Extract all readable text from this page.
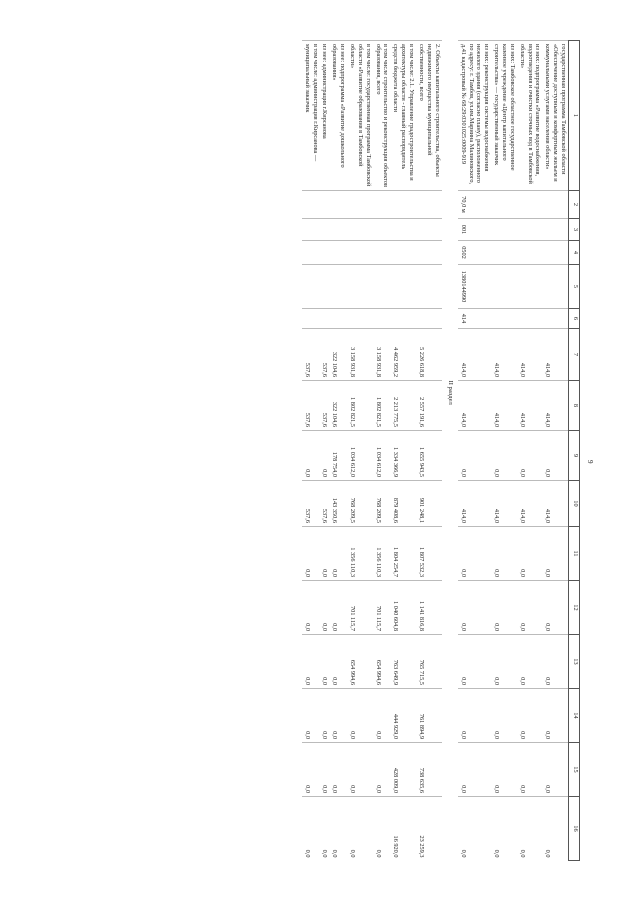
9
1	2	3	4	5	6	7	8	9	10	11	12	13	14	15	16
государственная программа Тамбовской области «Обеспечение доступным и комфортным жильем и коммунальными услугами населения области»						414,0	414,0	0,0	414,0	0,0	0,0	0,0	0,0	0,0	0,0
из них: подпрограмма «Развитие водоснабжения, водоотведения и очистки сточных вод в Тамбовской области»						414,0	414,0	0,0	414,0	0,0	0,0	0,0	0,0	0,0	0,0
из них: Тамбовское областное государственное казенное учреждение «Центр капитального строительства» — государственный заказчик						414,0	414,0	0,0	414,0	0,0	0,0	0,0	0,0	0,0	0,0
из них: реконструкция системы водоснабжения нежилого здания (согласно плану), расположенного по адресу: г. Тамбов, ул.им.Мариина Малиновского, д.41 кадастровый № 68:29:0301025:0009-919	70,0 м	001	0502	1380144990	414	414,0	414,0	0,0	414,0	0,0	0,0	0,0	0,0	0,0	0,0
							II раздел								
2. Объекты капитального строительства, объекты недвижимого имущества муниципальной собственности, всего						5 226 618,8	2 557 191,6	1 655 943,5	901 248,1	1 807 532,3	1 141 816,8	765 715,5	761 894,9	738 635,6	23 259,3
в том числе: 2.1. Управление градостроительства и архитектуры области - главный распорядитель средств бюджета области						4 462 959,2	2 213 775,5	1 334 366,9	879 408,6	1 804 254,7	1 040 604,8	763 649,9	444 929,0	428 009,0	16 920,0
в том числе строительство и реконструкция объектов образования, всего						3 158 931,8	1 802 821,5	1 034 612,0	768 209,5	1 356 110,3	701 115,7	654 994,6	0,0	0,0	0,0
в том числе: государственная программа Тамбовской области «Развитие образования в Тамбовской области»						3 158 931,8	1 802 821,5	1 034 612,0	768 209,5	1 356 110,3	701 115,7	654 994,6	0,0	0,0	0,0
из нее: подпрограмма «Развитие дошкольного образования»						322 104,6	322 104,6	178 754,0	143 350,6	0,0	0,0	0,0	0,0	0,0	0,0
из нее: администрация г.Кирсанова						537,6	537,6	0,0	537,6	0,0	0,0	0,0	0,0	0,0	0,0
в том числе: администрация г.Кирсанова — муниципальный заказчик						537,6	537,6	0,0	537,6	0,0	0,0	0,0	0,0	0,0	0,0
